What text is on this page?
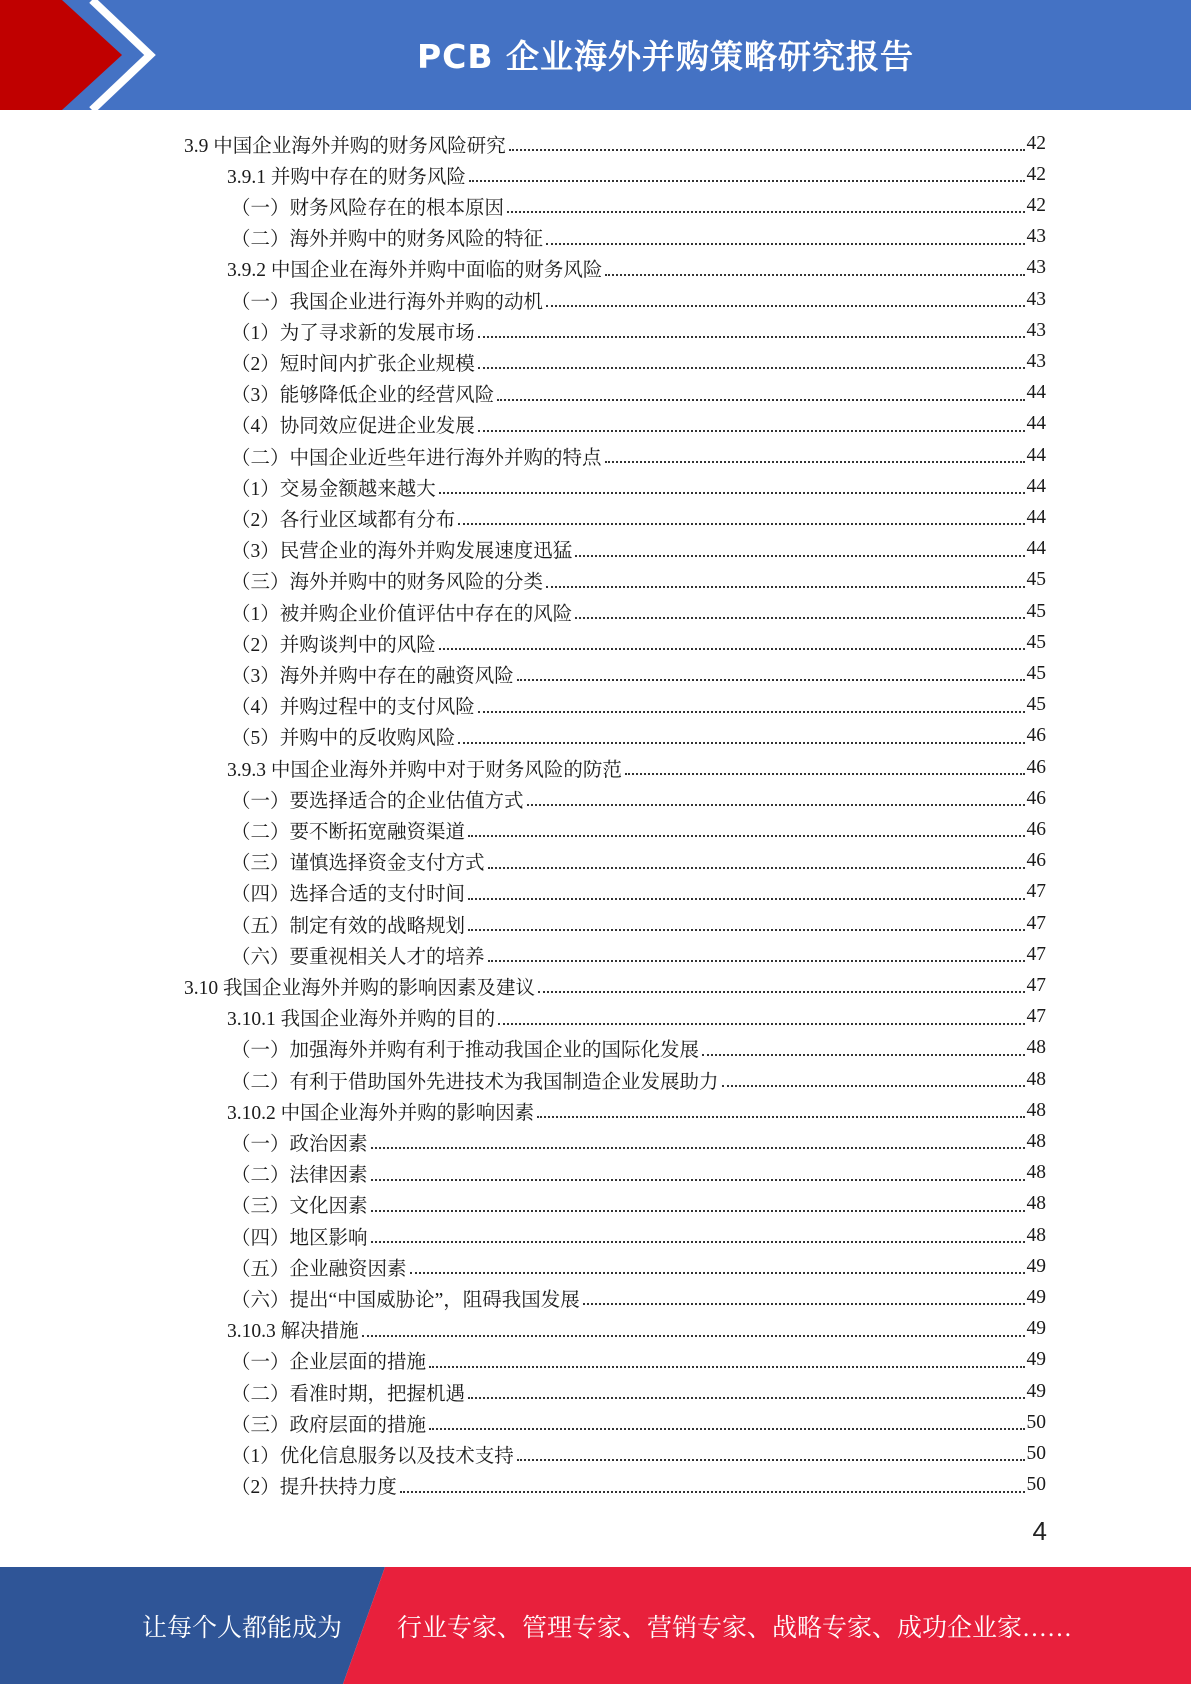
PCB 企业海外并购策略研究报告
3.9 中国企业海外并购的财务风险研究	42
3.9.1 并购中存在的财务风险	42
（一）财务风险存在的根本原因	42
（二）海外并购中的财务风险的特征	43
3.9.2 中国企业在海外并购中面临的财务风险	43
（一）我国企业进行海外并购的动机	43
（1）为了寻求新的发展市场	43
（2）短时间内扩张企业规模	43
（3）能够降低企业的经营风险	44
（4）协同效应促进企业发展	44
（二）中国企业近些年进行海外并购的特点	44
（1）交易金额越来越大	44
（2）各行业区域都有分布	44
（3）民营企业的海外并购发展速度迅猛	44
（三）海外并购中的财务风险的分类	45
（1）被并购企业价值评估中存在的风险	45
（2）并购谈判中的风险	45
（3）海外并购中存在的融资风险	45
（4）并购过程中的支付风险	45
（5）并购中的反收购风险	46
3.9.3 中国企业海外并购中对于财务风险的防范	46
（一）要选择适合的企业估值方式	46
（二）要不断拓宽融资渠道	46
（三）谨慎选择资金支付方式	46
（四）选择合适的支付时间	47
（五）制定有效的战略规划	47
（六）要重视相关人才的培养	47
3.10 我国企业海外并购的影响因素及建议	47
3.10.1 我国企业海外并购的目的	47
（一）加强海外并购有利于推动我国企业的国际化发展	48
（二）有利于借助国外先进技术为我国制造企业发展助力	48
3.10.2 中国企业海外并购的影响因素	48
（一）政治因素	48
（二）法律因素	48
（三）文化因素	48
（四）地区影响	48
（五）企业融资因素	49
（六）提出“中国威胁论”，阻碍我国发展	49
3.10.3 解决措施	49
（一）企业层面的措施	49
（二）看准时期，把握机遇	49
（三）政府层面的措施	50
（1）优化信息服务以及技术支持	50
（2）提升扶持力度	50
4
让每个人都能成为 行业专家、管理专家、营销专家、战略专家、成功企业家……
